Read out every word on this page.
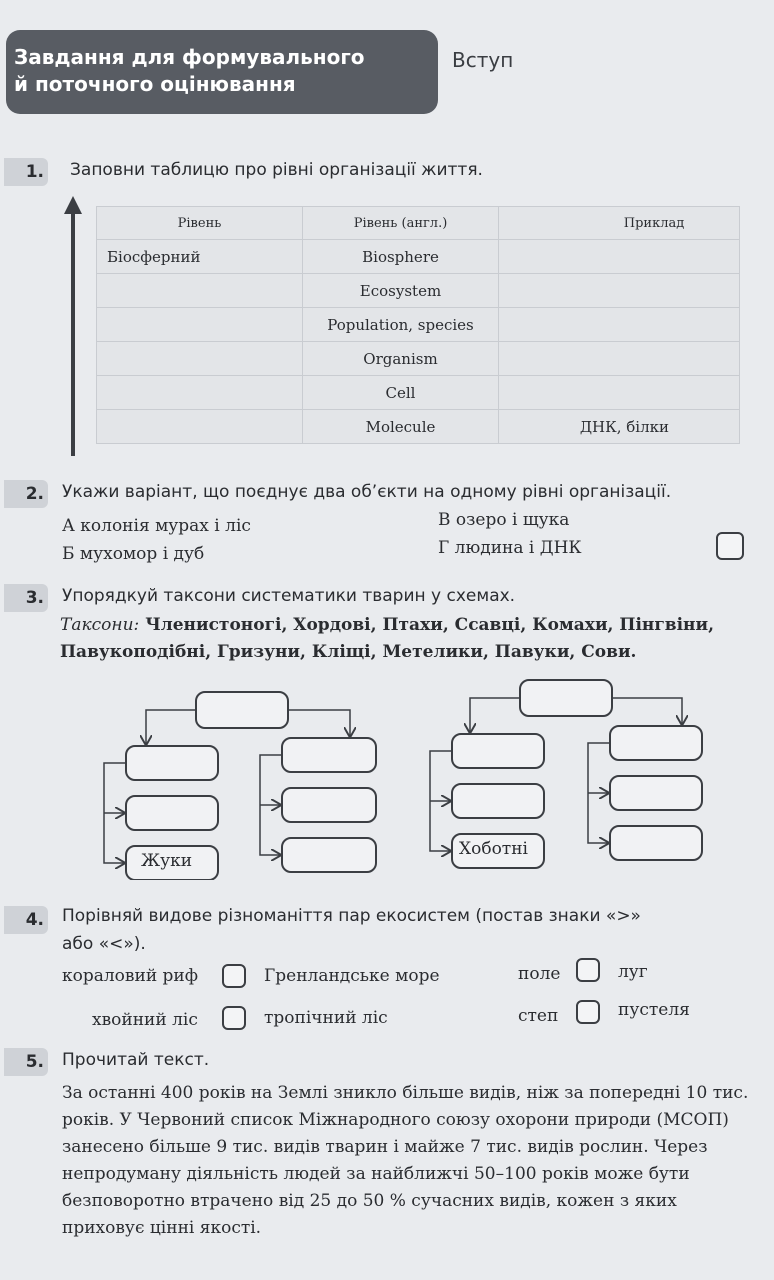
Завдання для формувального
й поточного оцінювання
Вступ
1. Заповни таблицю про рівні організації життя.
Рівень	Рівень (англ.)	Приклад
Біосферний	Biosphere	
	Ecosystem	
	Population, species	
	Organism	
	Cell	
	Molecule	ДНК, білки
2. Укажи варіант, що поєднує два об’єкти на одному рівні організації.
А колонія мурах і ліс
Б мухомор і дуб
В озеро і щука
Г людина і ДНК
3. Упорядкуй таксони систематики тварин у схемах.
Таксони: Членистоногі, Хордові, Птахи, Ссавці, Комахи, Пінгвіни, Павукоподібні, Гризуни, Кліщі, Метелики, Павуки, Сови.
Жуки
Хоботні
4. Порівняй видове різноманіття пар екосистем (постав знаки «>»
або «<»).
кораловий риф	Гренландське море
хвойний ліс	тропічний ліс
поле	луг
степ	пустеля
5. Прочитай текст.
За останні 400 років на Землі зникло більше видів, ніж за попередні 10 тис. років. У Червоний список Міжнародного союзу охорони природи (МСОП) занесено більше 9 тис. видів тварин і майже 7 тис. видів рослин. Через непродуману діяльність людей за найближчі 50–100 років може бути безповоротно втрачено від 25 до 50 % сучасних видів, кожен з яких приховує цінні якості.
